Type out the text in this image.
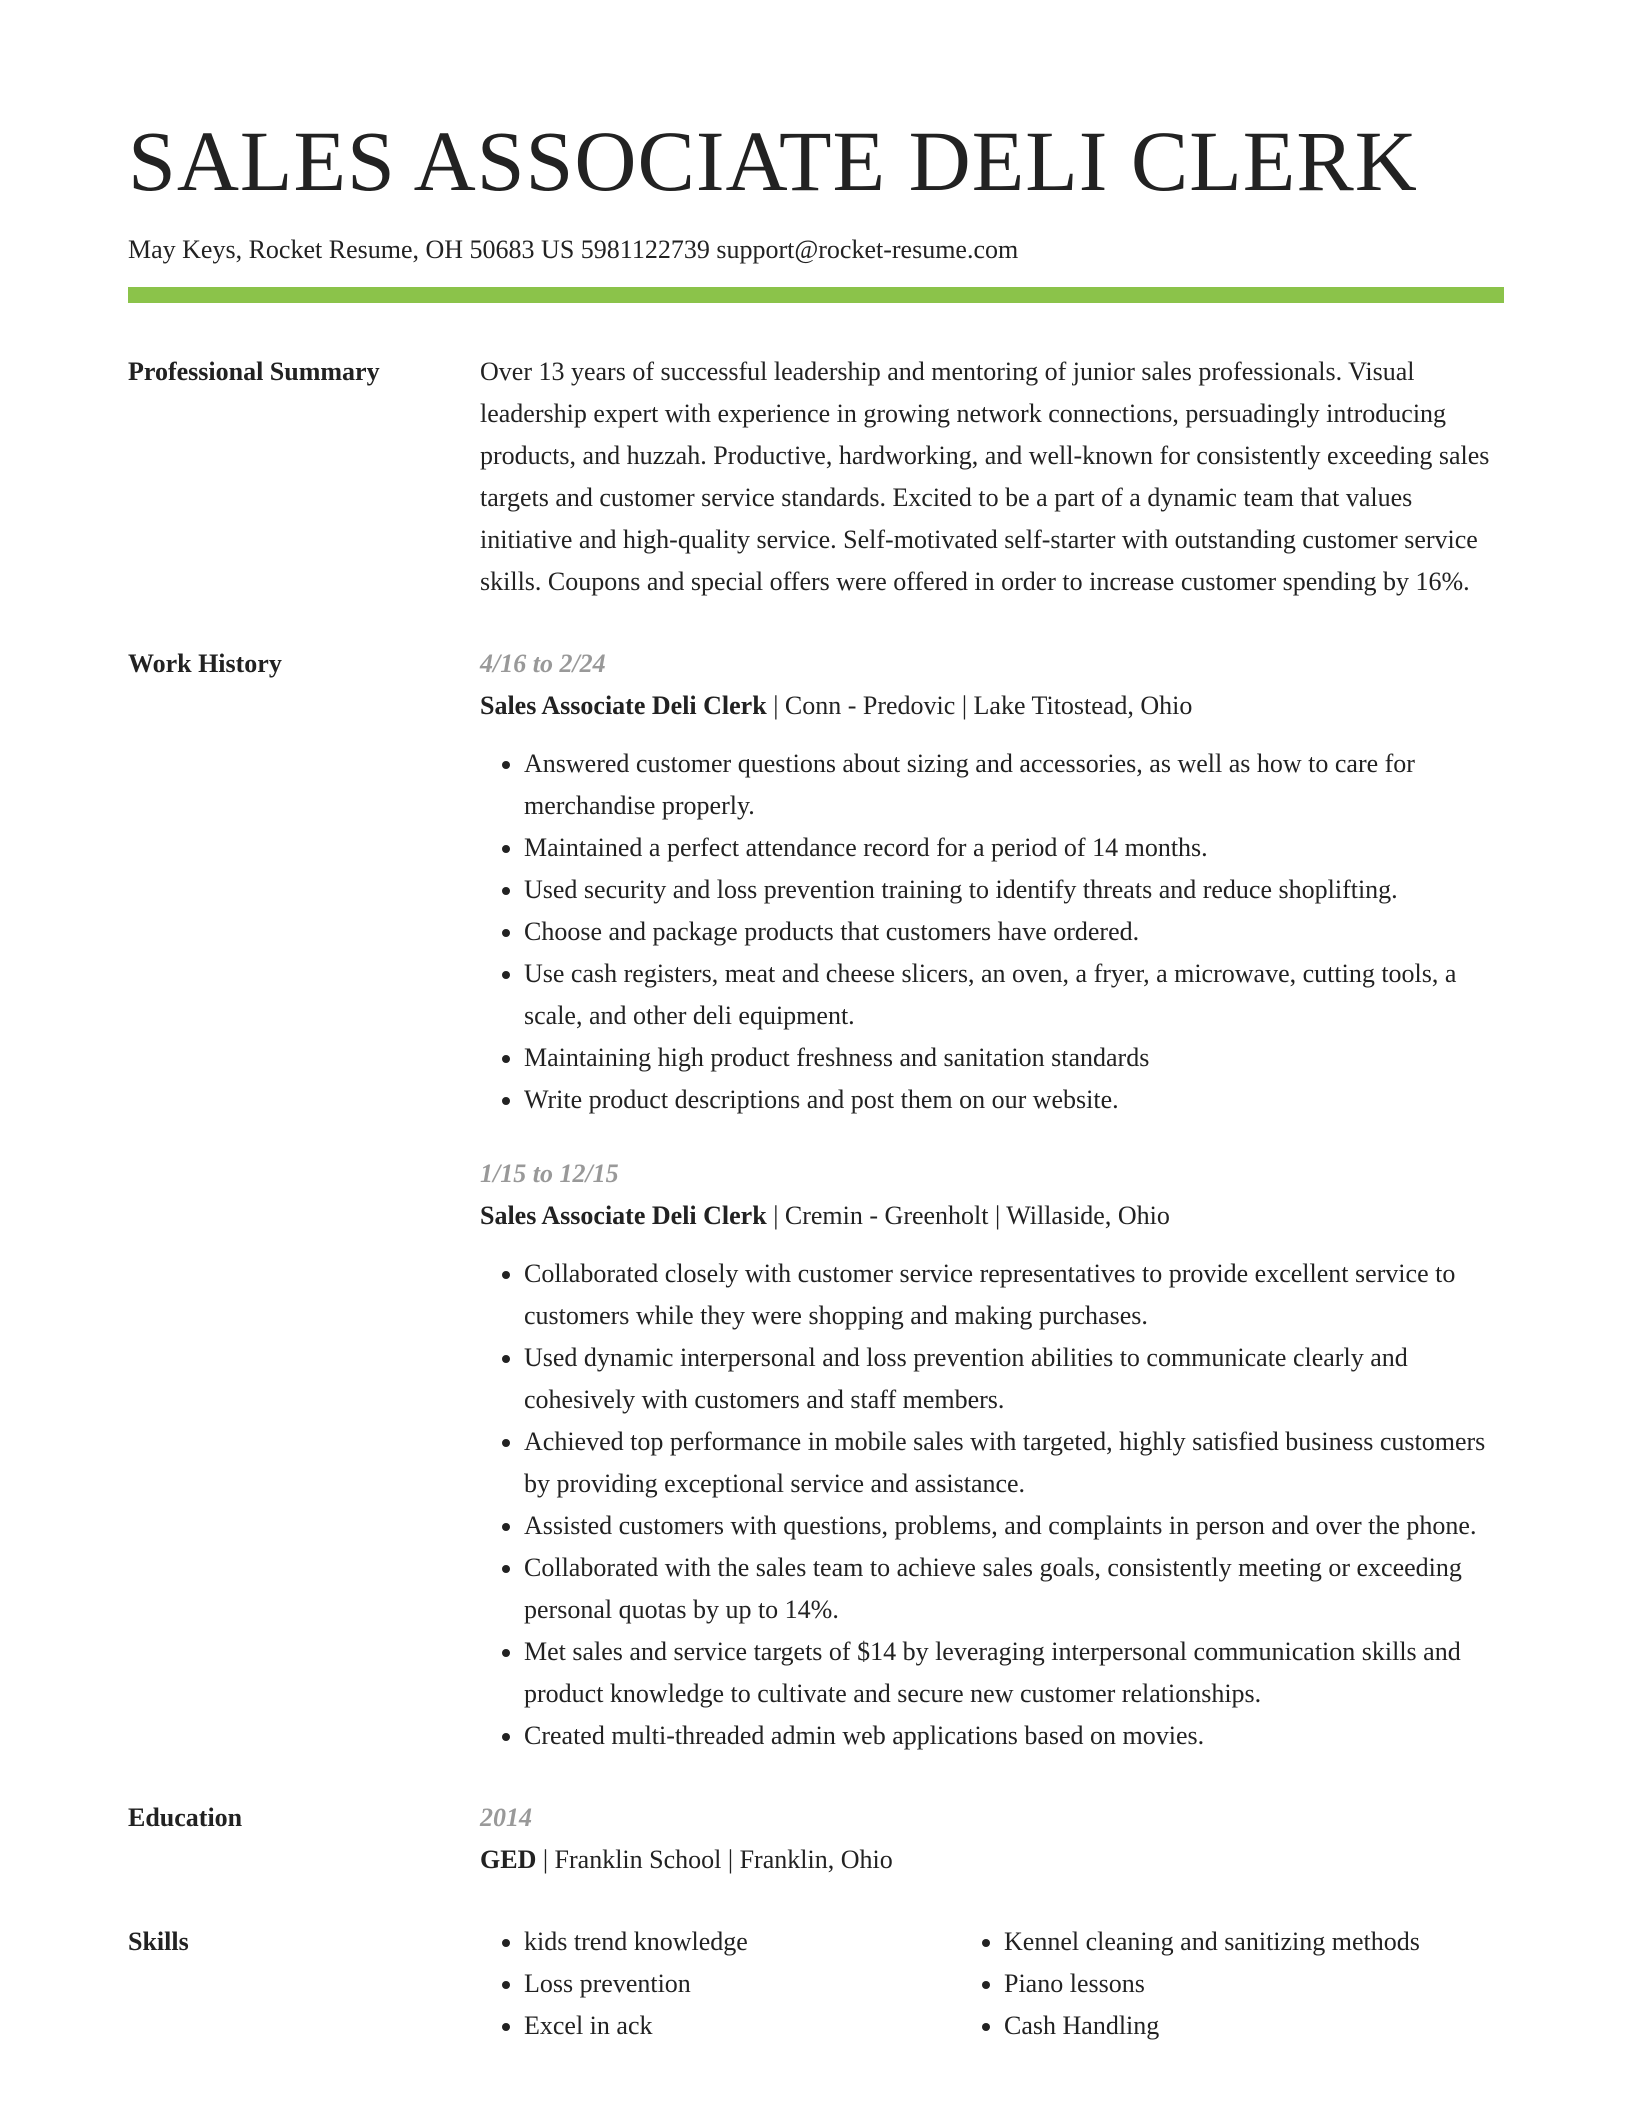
SALES ASSOCIATE DELI CLERK
May Keys, Rocket Resume, OH 50683 US 5981122739 support@rocket-resume.com
Professional Summary	Over 13 years of successful leadership and mentoring of junior sales professionals. Visual leadership expert with experience in growing network connections, persuadingly introducing products, and huzzah. Productive, hardworking, and well-known for consistently exceeding sales targets and customer service standards. Excited to be a part of a dynamic team that values initiative and high-quality service. Self-motivated self-starter with outstanding customer service skills. Coupons and special offers were offered in order to increase customer spending by 16%.

Work History	4/16 to 2/24
Sales Associate Deli Clerk | Conn - Predovic | Lake Titostead, Ohio
• Answered customer questions about sizing and accessories, as well as how to care for merchandise properly.
• Maintained a perfect attendance record for a period of 14 months.
• Used security and loss prevention training to identify threats and reduce shoplifting.
• Choose and package products that customers have ordered.
• Use cash registers, meat and cheese slicers, an oven, a fryer, a microwave, cutting tools, a scale, and other deli equipment.
• Maintaining high product freshness and sanitation standards
• Write product descriptions and post them on our website.
1/15 to 12/15
Sales Associate Deli Clerk | Cremin - Greenholt | Willaside, Ohio
• Collaborated closely with customer service representatives to provide excellent service to customers while they were shopping and making purchases.
• Used dynamic interpersonal and loss prevention abilities to communicate clearly and cohesively with customers and staff members.
• Achieved top performance in mobile sales with targeted, highly satisfied business customers by providing exceptional service and assistance.
• Assisted customers with questions, problems, and complaints in person and over the phone.
• Collaborated with the sales team to achieve sales goals, consistently meeting or exceeding personal quotas by up to 14%.
• Met sales and service targets of $14 by leveraging interpersonal communication skills and product knowledge to cultivate and secure new customer relationships.
• Created multi-threaded admin web applications based on movies.
Education	2014
GED | Franklin School | Franklin, Ohio
Skills
•	kids trend knowledge
• Loss prevention
• Excel in ack
• Kennel cleaning and sanitizing methods
• Piano lessons
• Cash Handling
